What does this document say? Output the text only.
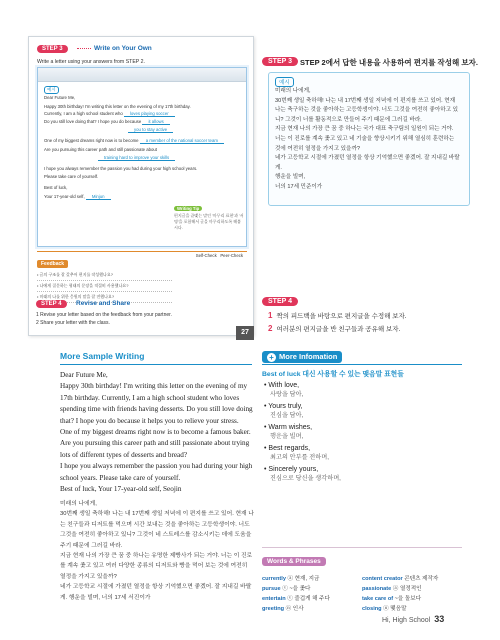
STEP 3	Write on Your Own
Write a letter using your answers from STEP 2.
예시
Dear Future Me,
Happy 30th birthday! I'm writing this letter on the evening of my 17th birthday.
Currently, I am a high school student who loves playing soccer
Do you still love doing that? I hope you do because it allows
you to stay active
One of my biggest dreams right now is to become a member of the national soccer team
Are you pursuing this career path and still passionate about
training hard to improve your skills
I hope you always remember the passion you had during your high school years.
Please take care of yourself.
Best of luck,
Your 17-year-old self, Minjun
Writing Tip
편지글을 끝맺는 말인 '마무리 표현'과 '서명'을 포함해서 글을 마무리하도록 해봅시다.
Feedback
Self-Check Peer-Check
• 글의 구조를 잘 갖추어 편지를 작성했나요?
• 나에게 질문하는 형태의 문장을 적절히 사용했나요?
• 미래의 나를 위한 응원의 말을 잘 전했나요?
STEP 4	Revise and Share
1 Revise your letter based on the feedback from your partner.
2 Share your letter with the class.
27
STEP 3	STEP 2에서 답한 내용을 사용하여 편지를 작성해 보자.
예시

미래의 나에게,

30번째 생일 축하해! 나는 내 17번째 생일 저녁에 이 편지를 쓰고 있어. 현재

나는 축구하는 것을 좋아하는 고등학생이야. 너도 그것을 여전히 좋아하고 있

니? 그것이 너를 활동적으로 만들어 주기 때문에 그러길 바라.

지금 현재 나의 가장 큰 꿈 중 하나는 국가 대표 축구팀의 일원이 되는 거야.

너는 이 진로를 계속 좇고 있고 네 기술을 향상시키기 위해 열심히 훈련하는

것에 여전히 열정을 가지고 있을까?

네가 고등학교 시절에 가졌던 열정을 항상 기억했으면 좋겠어. 잘 지내길 바랄게.

행운을 빌며,

너의 17세 민준이가

STEP 4
1 짝의 피드백을 바탕으로 편지글을 수정해 보자.
2 여러분의 편지글을 반 친구들과 공유해 보자.
More Sample Writing
Dear Future Me,
Happy 30th birthday! I'm writing this letter on the evening of my 17th birthday. Currently, I am a high school student who loves spending time with friends having desserts. Do you still love doing that? I hope you do because it helps you to relieve your stress.
One of my biggest dreams right now is to become a famous baker. Are you pursuing this career path and still passionate about trying lots of different types of desserts and bread?
I hope you always remember the passion you had during your high school years. Please take care of yourself.
Best of luck, Your 17-year-old self, Seojin
미래의 나에게,
30번째 생일 축하해! 나는 내 17번째 생일 저녁에 이 편지를 쓰고 있어. 현재 나는 친구들과 디저트를 먹으며 시간 보내는 것을 좋아하는 고등학생이야. 너도 그것을 여전히 좋아하고 있니? 그것이 네 스트레스를 감소시키는 데에 도움을 주기 때문에 그러길 바라.
지금 현재 나의 가장 큰 꿈 중 하나는 유명한 제빵사가 되는 거야. 너는 이 진로를 계속 좇고 있고 여러 다양한 종류의 디저트와 빵을 먹어 보는 것에 여전히 열정을 가지고 있을까?
네가 고등학교 시절에 가졌던 열정을 항상 기억했으면 좋겠어. 잘 지내길 바랄게. 행운을 빌며, 너의 17세 서진이가
+ More Infomation
Best of luck 대신 사용할 수 있는 맺음말 표현들
• With love,
사랑을 담아,
• Yours truly,
진심을 담아,
• Warm wishes,
행운을 빌며,
• Best regards,
최고의 안부를 전하며,
• Sincerely yours,
진심으로 당신을 생각하며,
Words & Phrases
currently ⓐ 현재, 지금	content creator 콘텐츠 제작자
pursue ⓥ ~을 좇다	passionate ⓐ 열정적인
entertain ⓥ 즐겁게 해 주다	take care of ~을 돌보다
greeting ⓝ 인사	closing ⓝ 맺음말
Hi, High School 33
